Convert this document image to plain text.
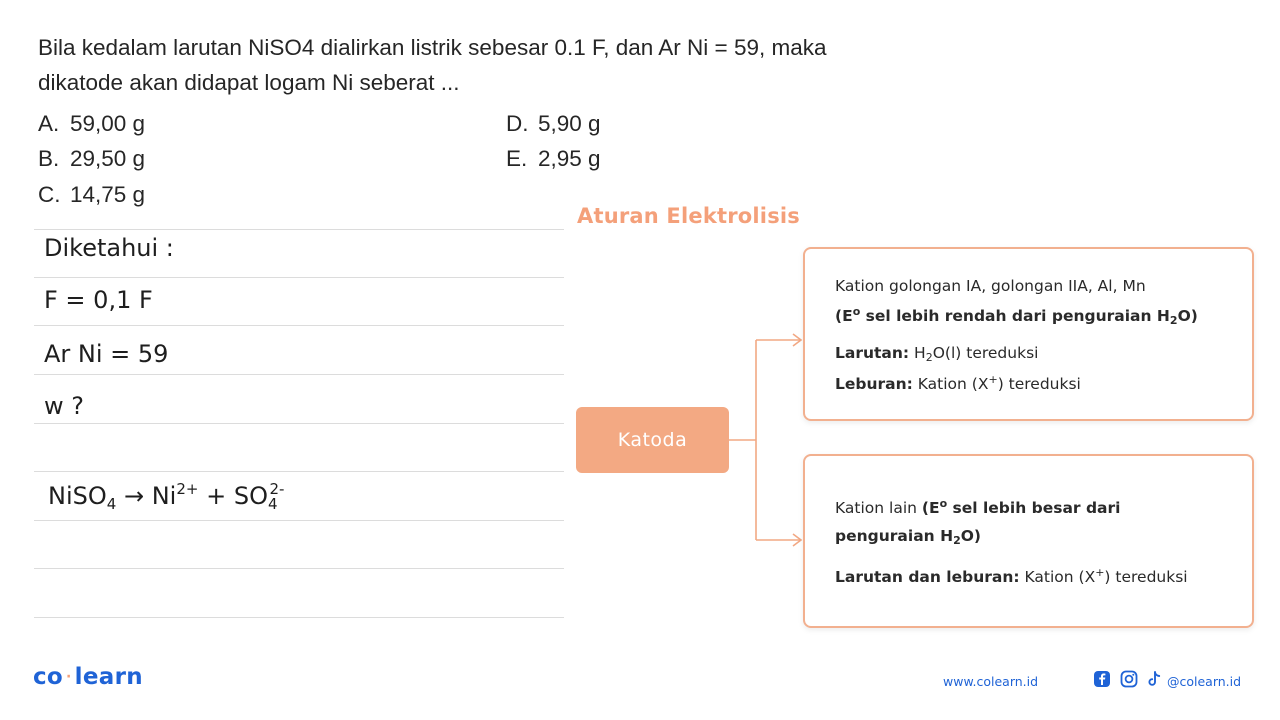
Bila kedalam larutan NiSO4 dialirkan listrik sebesar 0.1 F, dan Ar Ni = 59, maka
dikatode akan didapat logam Ni seberat ...
A. 59,00 g
B. 29,50 g
C. 14,75 g
D. 5,90 g
E. 2,95 g
Diketahui :
F = 0,1 F
Ar Ni = 59
w ?
NiSO$_4$ → $Ni^{2+} + SO_4^{2-}$
Aturan Elektrolisis
Katoda

Kation golongan IA, golongan IIA, Al, Mn

($E^o$ sel lebih rendah dari penguraian $H_2O$)

Larutan: $H_2O(l)$ tereduksi

Leburan: Kation (X+) tereduksi

Kation lain ($E^o$ sel lebih besar dari

penguraian $H_2O$)

Larutan dan leburan: Kation (X+) tereduksi

co · learn	www.colearn.id	@colearn.id
